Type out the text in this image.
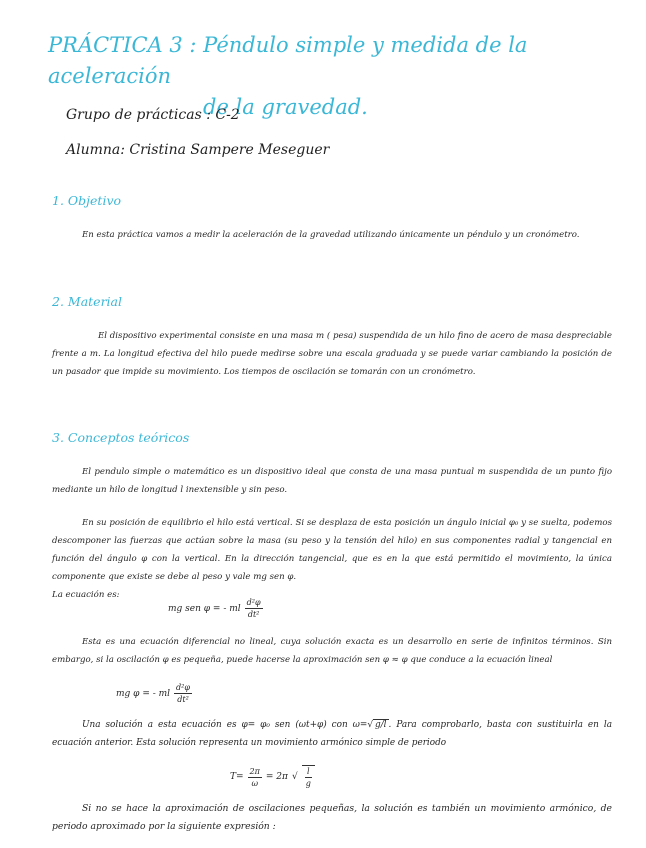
PRÁCTICA 3 : Péndulo simple y medida de la aceleración
de la gravedad.
Grupo de prácticas : C-2
Alumna: Cristina Sampere Meseguer
1. Objetivo
En esta práctica vamos a medir la aceleración de la gravedad utilizando únicamente un péndulo y un cronómetro.
2. Material
El dispositivo experimental consiste en una masa m ( pesa) suspendida de un hilo fino de acero de masa despreciable frente a m. La longitud efectiva del hilo puede medirse sobre una escala graduada y se puede variar cambiando la posición de un pasador que impide su movimiento. Los tiempos de oscilación se tomarán con un cronómetro.
3. Conceptos teóricos
El pendulo simple o matemático es un dispositivo ideal que consta de una masa puntual m suspendida de un punto fijo mediante un hilo de longitud l inextensible y sin peso.
En su posición de equilibrio el hilo está vertical. Si se desplaza de esta posición un ángulo inicial φ₀ y se suelta, podemos descomponer las fuerzas que actúan sobre la masa (su peso y la tensión del hilo) en sus componentes radial y tangencial en función del ángulo φ con la vertical. En la dirección tangencial, que es en la que está permitido el movimiento, la única componente que existe se debe al peso y vale mg sen φ.
La ecuación es:
mg sen φ = - ml $\frac{\text{d²φ}}{\text{dt²}}$
Esta es una ecuación diferencial no lineal, cuya solución exacta es un desarrollo en serie de infinitos términos. Sin embargo, si la oscilación φ es pequeña, puede hacerse la aproximación sen φ ≈ φ que conduce a la ecuación lineal
mg φ = - ml $\frac{\text{d²φ}}{\text{dt²}}$
Una solución a esta ecuación es φ= φ₀ sen (ωt+φ) con ω=√ g/l . Para comprobarlo, basta con sustituirla en la ecuación anterior. Esta solución representa un movimiento armónico simple de periodo
$T= \frac{2\pi}{\omega} = 2\pi$ √ $\frac{l}{g}$
Si no se hace la aproximación de oscilaciones pequeñas, la solución es también un movimiento armónico, de periodo aproximado por la siguiente expresión :
